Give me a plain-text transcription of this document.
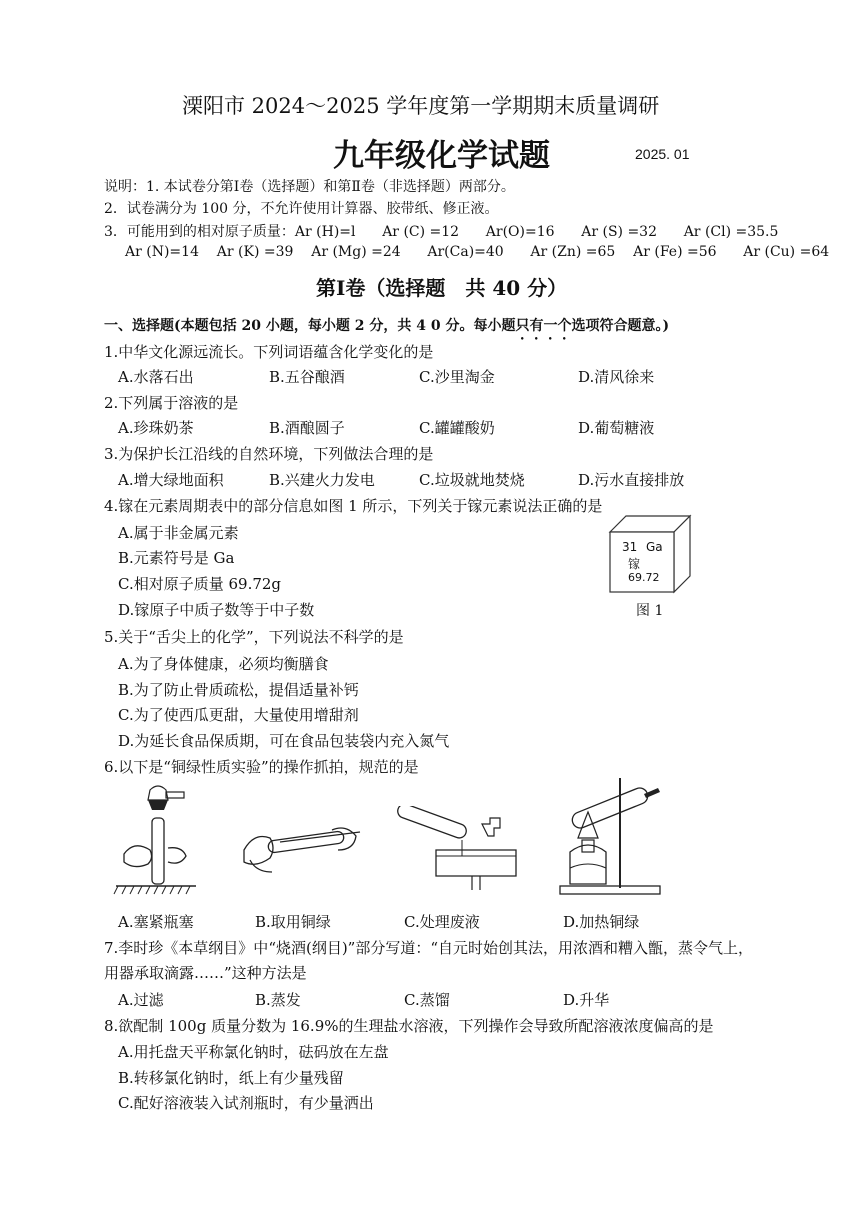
溧阳市 2024～2025 学年度第一学期期末质量调研
九年级化学试题	2025. 01
说明：1. 本试卷分第Ⅰ卷（选择题）和第Ⅱ卷（非选择题）两部分。
2．试卷满分为 100 分，不允许使用计算器、胶带纸、修正液。
3．可能用到的相对原子质量：Ar (H)=l      Ar (C) =12      Ar(O)=16      Ar (S) =32      Ar (Cl) =35.5
Ar (N)=14    Ar (K) =39    Ar (Mg) =24      Ar(Ca)=40      Ar (Zn) =65    Ar (Fe) =56      Ar (Cu) =64
第Ⅰ卷（选择题　共 40 分）
一、选择题(本题包括 20 小题，每小题 2 分，共 4 0 分。每小题只有一个选项符合题意。)
1.中华文化源远流长。下列词语蕴含化学变化的是
A.水落石出	B.五谷酿酒	C.沙里淘金	D.清风徐来
2.下列属于溶液的是
A.珍珠奶茶	B.酒酿圆子	C.罐罐酸奶	D.葡萄糖液
3.为保护长江沿线的自然环境，下列做法合理的是
A.增大绿地面积	B.兴建火力发电	C.垃圾就地焚烧	D.污水直接排放
4.镓在元素周期表中的部分信息如图 1 所示，下列关于镓元素说法正确的是
A.属于非金属元素
B.元素符号是 Ga
C.相对原子质量 69.72g
D.镓原子中质子数等于中子数
31 Ga
镓
69.72
图 1
5.关于“舌尖上的化学”，下列说法不科学的是
A.为了身体健康，必须均衡膳食
B.为了防止骨质疏松，提倡适量补钙
C.为了使西瓜更甜，大量使用增甜剂
D.为延长食品保质期，可在食品包装袋内充入氮气
6.以下是“铜绿性质实验”的操作抓拍，规范的是
A.塞紧瓶塞	B.取用铜绿	C.处理废液	D.加热铜绿
7.李时珍《本草纲目》中“烧酒(纲目)”部分写道：“自元时始创其法，用浓酒和糟入甑，蒸令气上，
用器承取滴露……”这种方法是
A.过滤	B.蒸发	C.蒸馏	D.升华
8.欲配制 100g 质量分数为 16.9%的生理盐水溶液，下列操作会导致所配溶液浓度偏高的是
A.用托盘天平称氯化钠时，砝码放在左盘
B.转移氯化钠时，纸上有少量残留
C.配好溶液装入试剂瓶时，有少量洒出
